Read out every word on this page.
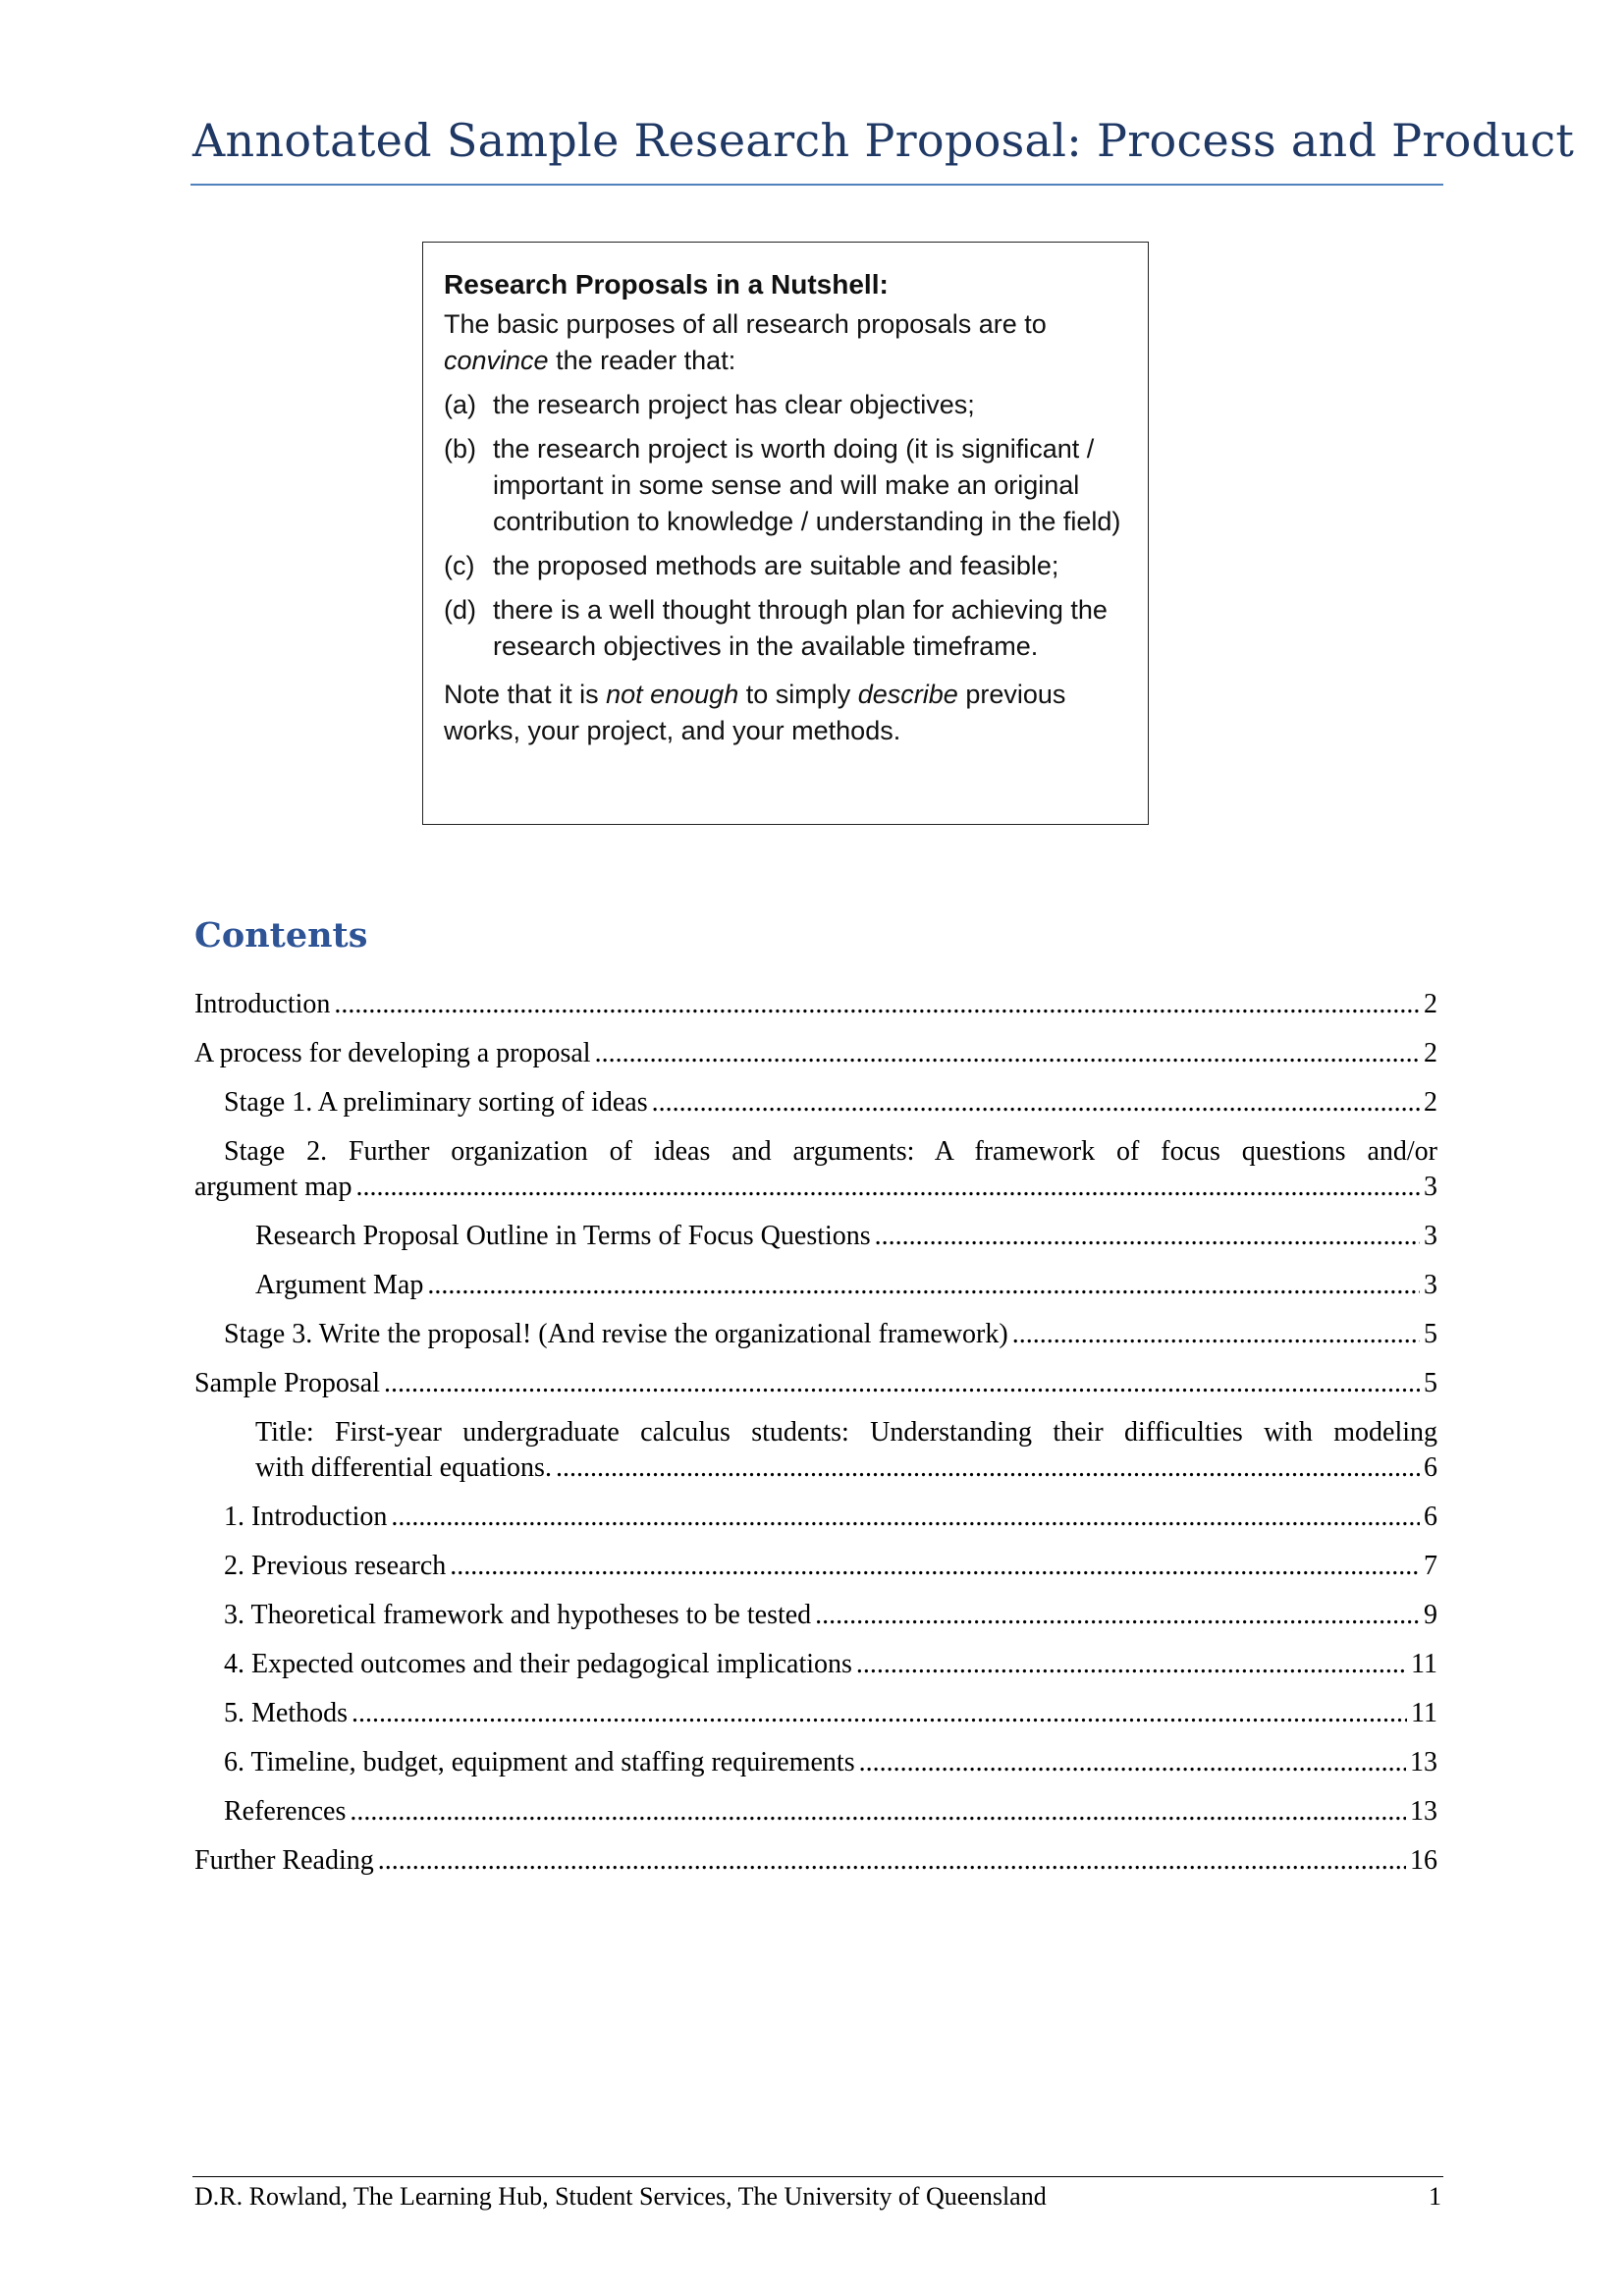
Annotated Sample Research Proposal: Process and Product
Research Proposals in a Nutshell:
The basic purposes of all research proposals are to
convince the reader that:
(a) the research project has clear objectives;
(b) the research project is worth doing (it is significant / important in some sense and will make an original contribution to knowledge / understanding in the field)
(c) the proposed methods are suitable and feasible;
(d) there is a well thought through plan for achieving the research objectives in the available timeframe.
Note that it is not enough to simply describe previous works, your project, and your methods.
Contents
Introduction .....	2
A process for developing a proposal .....	2
Stage 1. A preliminary sorting of ideas .....	2
Stage 2. Further organization of ideas and arguments: A framework of focus questions and/or
argument map .....	3
Research Proposal Outline in Terms of Focus Questions .....	3
Argument Map .....	3
Stage 3. Write the proposal! (And revise the organizational framework) .....	5
Sample Proposal .....	5
Title: First-year undergraduate calculus students: Understanding their difficulties with modeling
with differential equations. .....	6
1. Introduction .....	6
2. Previous research .....	7
3. Theoretical framework and hypotheses to be tested .....	9
4. Expected outcomes and their pedagogical implications .....	11
5. Methods .....	11
6. Timeline, budget, equipment and staffing requirements .....	13
References .....	13
Further Reading .....	16
D.R. Rowland, The Learning Hub, Student Services, The University of Queensland	1
